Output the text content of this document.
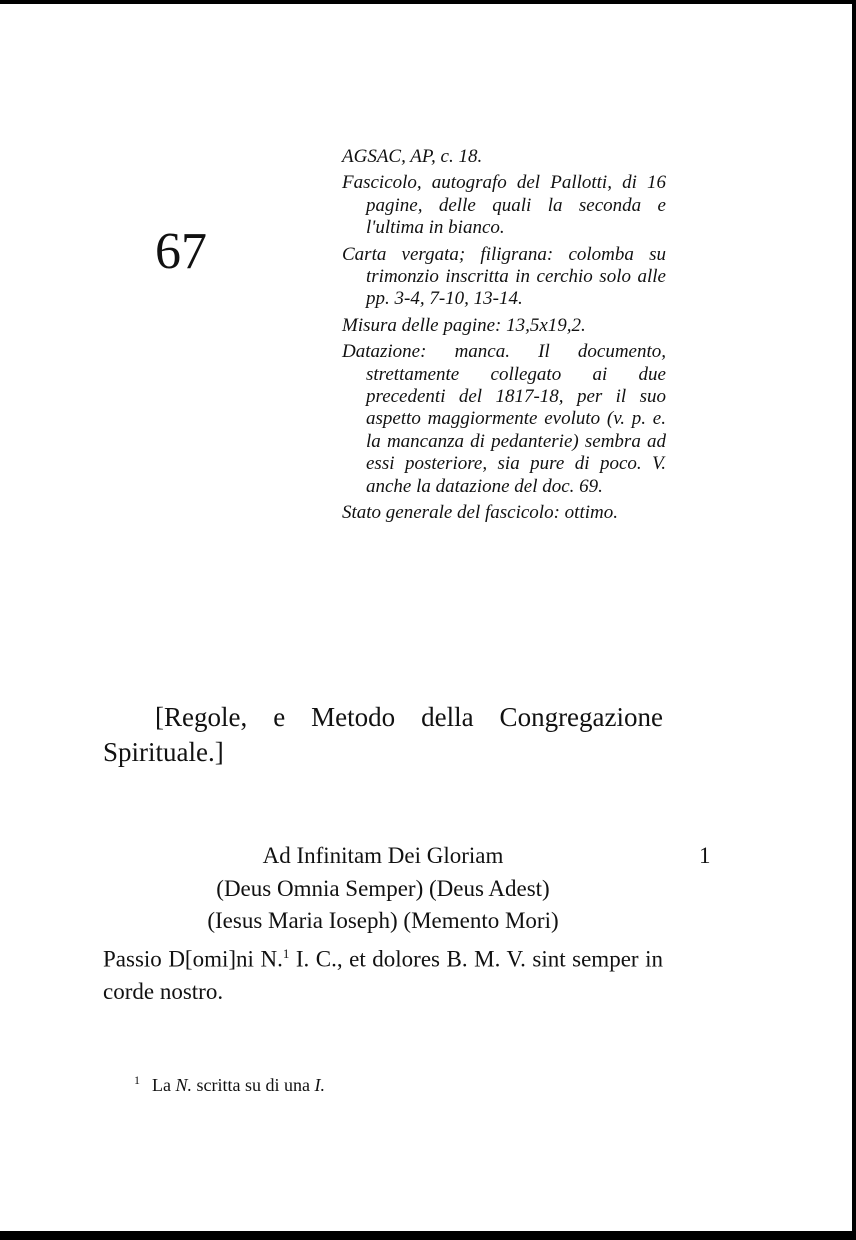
67

AGSAC, AP, c. 18.

Fascicolo, autografo del Pallotti, di 16 pagine, delle quali la seconda e l'ultima in bianco.

Carta vergata; filigrana: colomba su trimonzio inscritta in cerchio solo alle pp. 3-4, 7-10, 13-14.

Misura delle pagine: 13,5x19,2.

Datazione: manca. Il documento, strettamente collegato ai due precedenti del 1817-18, per il suo aspetto maggiormente evoluto (v. p. e. la mancanza di pedanterie) sembra ad essi posteriore, sia pure di poco. V. anche la datazione del doc. 69.

Stato generale del fascicolo: ottimo.

[Regole, e Metodo della Congregazione Spirituale.]
Ad Infinitam Dei Gloriam
(Deus Omnia Semper) (Deus Adest)
(Iesus Maria Ioseph) (Memento Mori)
Passio D[omi]ni N.$^1$ I. C., et dolores B. M. V. sint semper in corde nostro.
1
$^1$ La N. scritta su di una I.
